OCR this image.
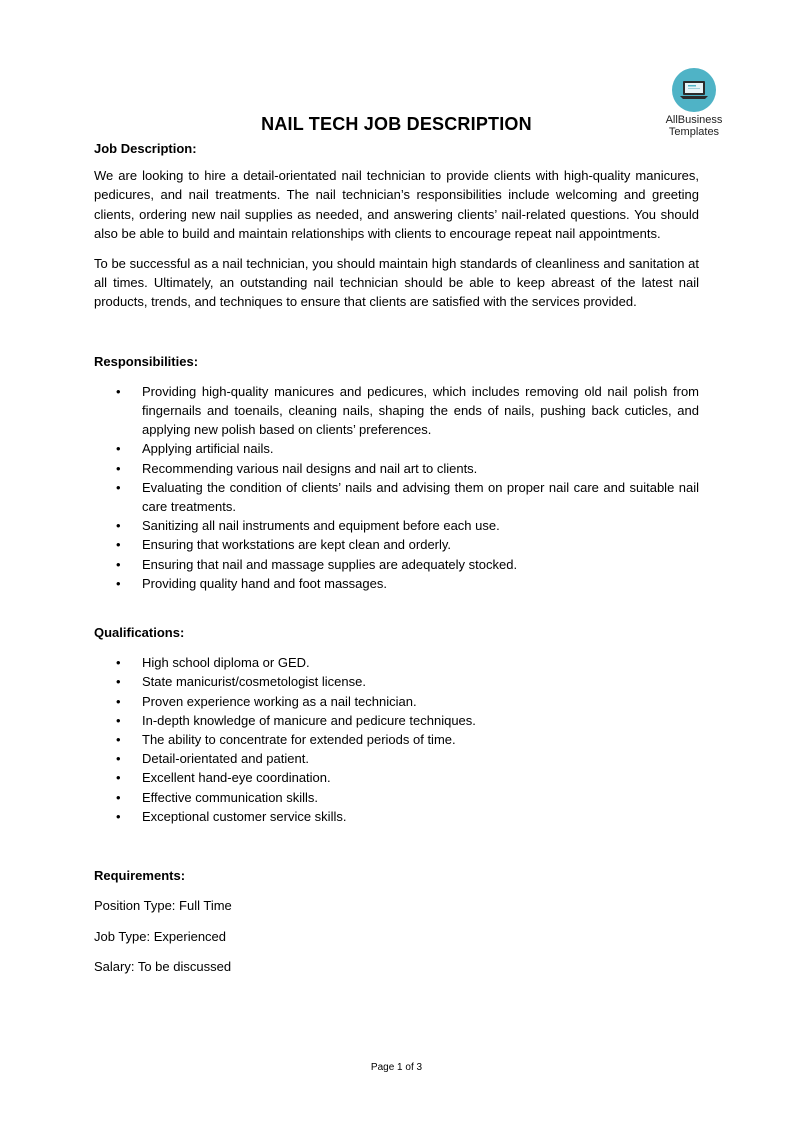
AllBusiness
Templates
NAIL TECH JOB DESCRIPTION

Job Description:

We are looking to hire a detail-orientated nail technician to provide clients with high-quality manicures, pedicures, and nail treatments. The nail technician’s responsibilities include welcoming and greeting clients, ordering new nail supplies as needed, and answering clients’ nail-related questions. You should also be able to build and maintain relationships with clients to encourage repeat nail appointments.

To be successful as a nail technician, you should maintain high standards of cleanliness and sanitation at all times. Ultimately, an outstanding nail technician should be able to keep abreast of the latest nail products, trends, and techniques to ensure that clients are satisfied with the services provided.

Responsibilities:

• Providing high-quality manicures and pedicures, which includes removing old nail polish from fingernails and toenails, cleaning nails, shaping the ends of nails, pushing back cuticles, and applying new polish based on clients’ preferences.
• Applying artificial nails.
• Recommending various nail designs and nail art to clients.
• Evaluating the condition of clients’ nails and advising them on proper nail care and suitable nail care treatments.
• Sanitizing all nail instruments and equipment before each use.
• Ensuring that workstations are kept clean and orderly.
• Ensuring that nail and massage supplies are adequately stocked.
• Providing quality hand and foot massages.

Qualifications:

• High school diploma or GED.
• State manicurist/cosmetologist license.
• Proven experience working as a nail technician.
• In-depth knowledge of manicure and pedicure techniques.
• The ability to concentrate for extended periods of time.
• Detail-orientated and patient.
• Excellent hand-eye coordination.
• Effective communication skills.
• Exceptional customer service skills.

Requirements:

Position Type: Full Time

Job Type: Experienced

Salary: To be discussed

Page 1 of 3
